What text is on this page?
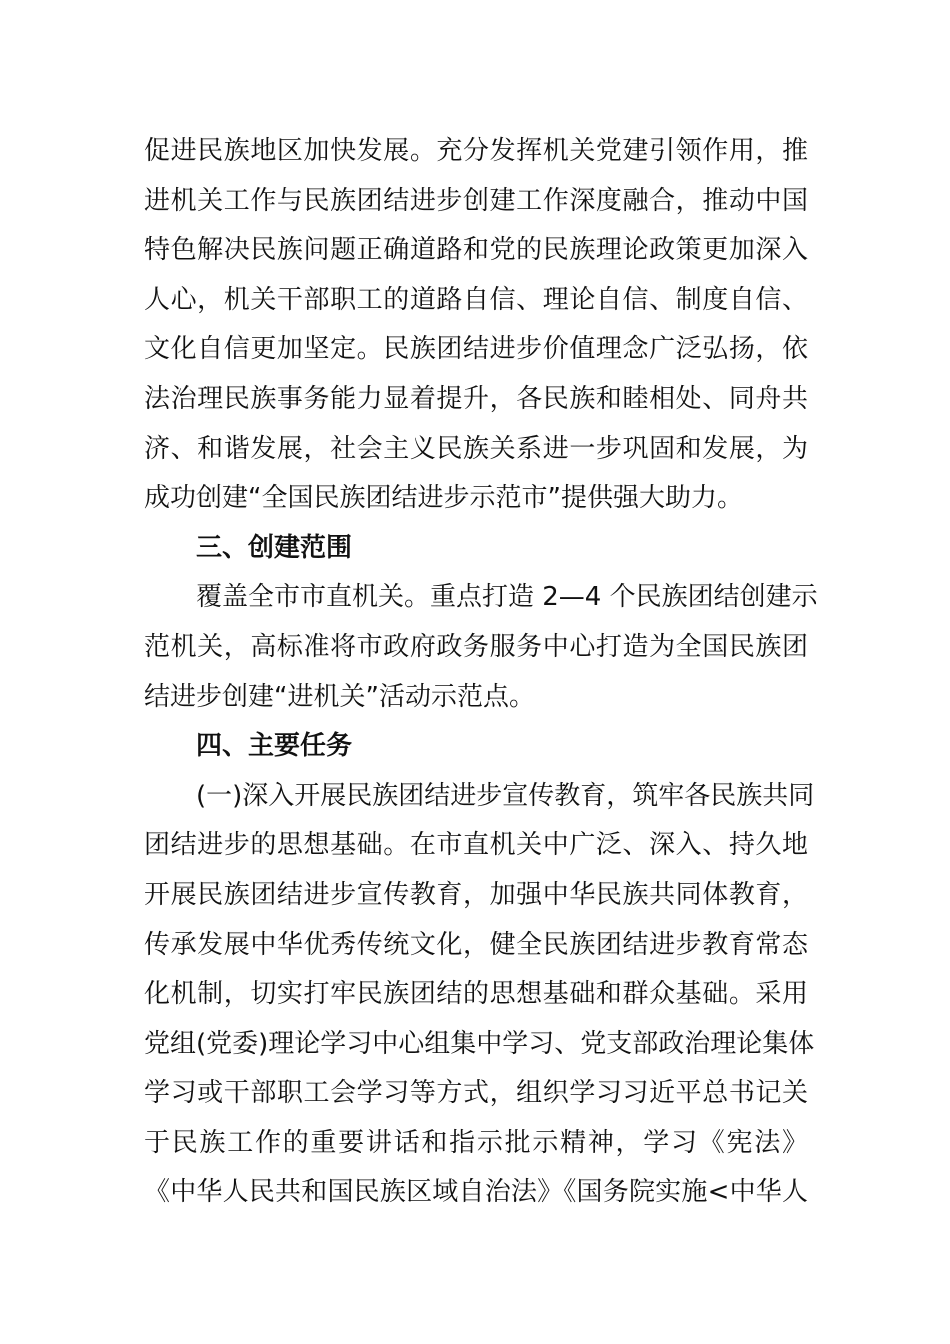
促进民族地区加快发展。充分发挥机关党建引领作用，推
进机关工作与民族团结进步创建工作深度融合，推动中国
特色解决民族问题正确道路和党的民族理论政策更加深入
人心，机关干部职工的道路自信、理论自信、制度自信、
文化自信更加坚定。民族团结进步价值理念广泛弘扬，依
法治理民族事务能力显着提升，各民族和睦相处、同舟共
济、和谐发展，社会主义民族关系进一步巩固和发展，为
成功创建“全国民族团结进步示范市”提供强大助力。
三、创建范围
覆盖全市市直机关。重点打造 2—4 个民族团结创建示
范机关，高标准将市政府政务服务中心打造为全国民族团
结进步创建“进机关”活动示范点。
四、主要任务
(一)深入开展民族团结进步宣传教育，筑牢各民族共同
团结进步的思想基础。在市直机关中广泛、深入、持久地
开展民族团结进步宣传教育，加强中华民族共同体教育，
传承发展中华优秀传统文化，健全民族团结进步教育常态
化机制，切实打牢民族团结的思想基础和群众基础。采用
党组(党委)理论学习中心组集中学习、党支部政治理论集体
学习或干部职工会学习等方式，组织学习习近平总书记关
于民族工作的重要讲话和指示批示精神，学习《宪法》
《中华人民共和国民族区域自治法》《国务院实施<中华人
